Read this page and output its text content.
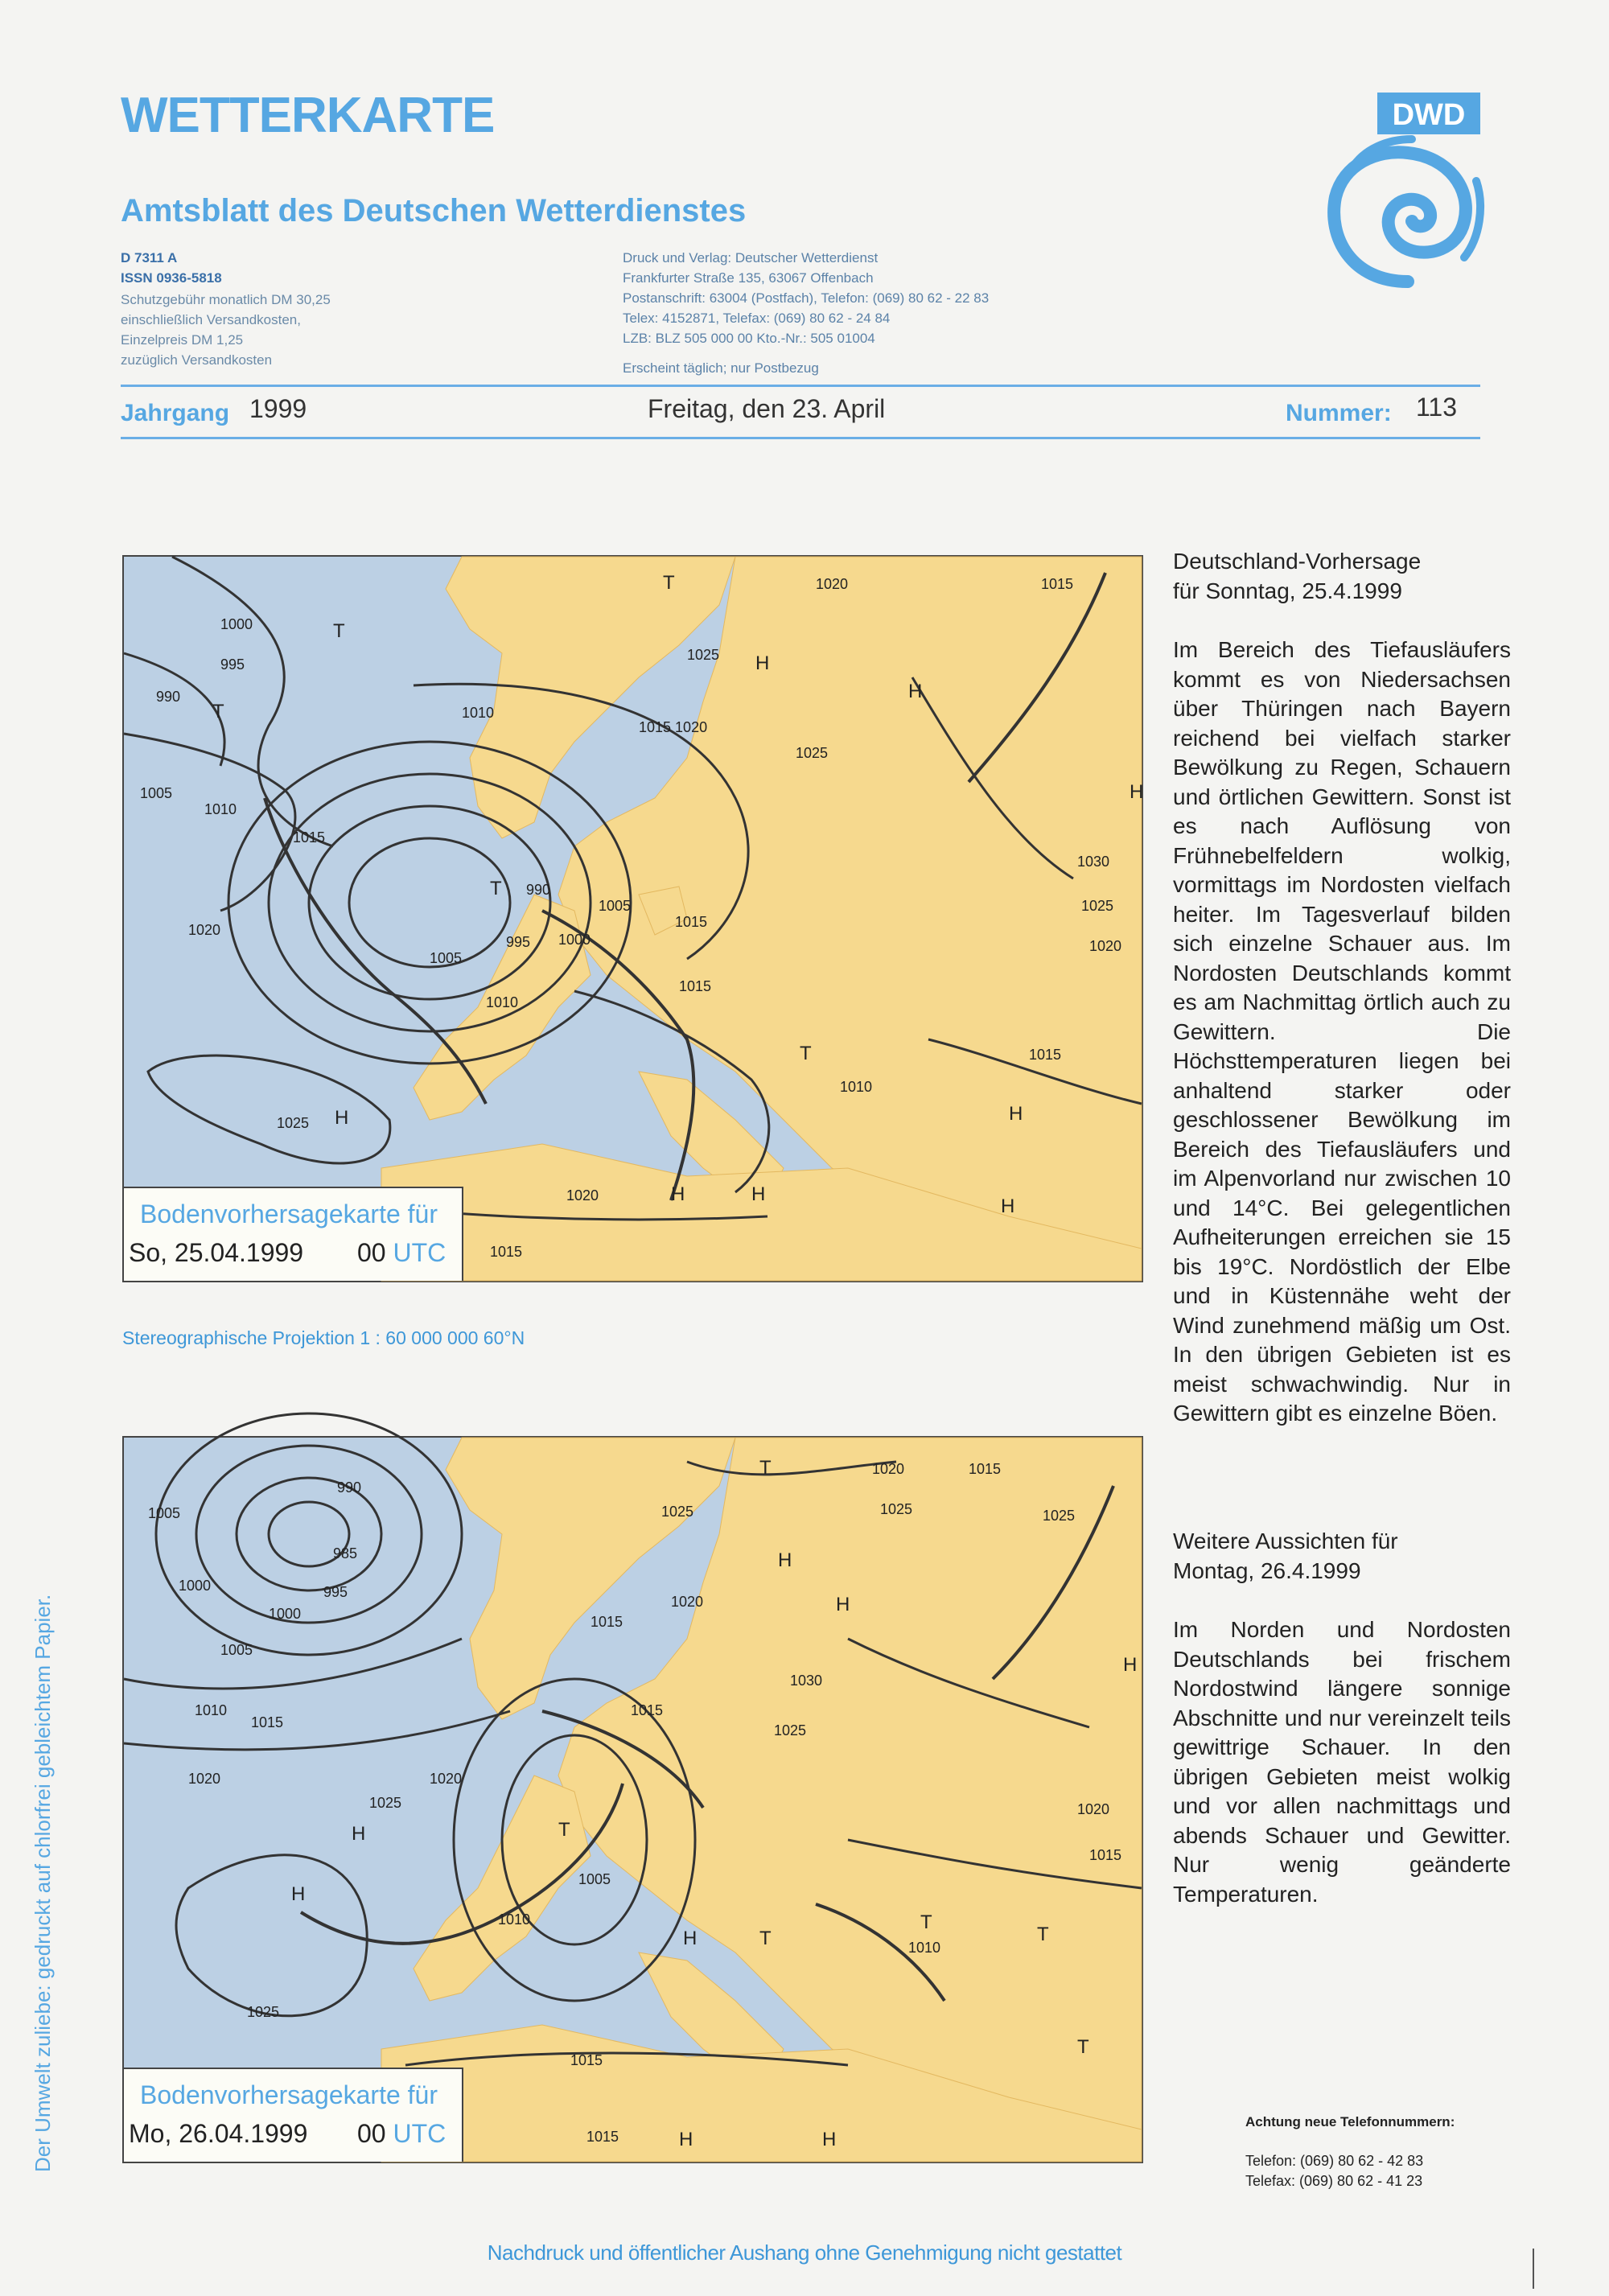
WETTERKARTE
Amtsblatt des Deutschen Wetterdienstes
DWD
D 7311 A
ISSN 0936-5818
Schutzgebühr monatlich DM 30,25
einschließlich Versandkosten,
Einzelpreis DM 1,25
zuzüglich Versandkosten
Druck und Verlag: Deutscher Wetterdienst
Frankfurter Straße 135, 63067 Offenbach
Postanschrift: 63004 (Postfach), Telefon: (069) 80 62 - 22 83
Telex: 4152871, Telefax: (069) 80 62 - 24 84
LZB: BLZ 505 000 00 Kto.-Nr.: 505 01004
Erscheint täglich; nur Postbezug
Jahrgang 1999	Freitag, den 23. April	Nummer: 113
1000
995
990
1005
1010
1015
1020
1025
1010
1015 1020
1025
1020	1015
990
995 1000
1005
1005
1010
1015
1025
1010
1015
1030
1025
1020
1015
1020
1015
T
T
T
T
H
H
H
H	H
H	H
H
T
Bodenvorhersagekarte für
So, 25.04.1999 00 UTC
Stereographische Projektion 1 : 60 000 000 60°N
1005
990
985
995
1000
1000
1005
1010
1015
1020
1025
1020
1015
1020
1025
1030
1025
1015
1020
1025
1005
1010
1010
1025
1015
1015
1020
1015
1025
1015
T
H
H
H
T
H
H
T
T
H
H	H
T
T
Bodenvorhersagekarte für
Mo, 26.04.1999 00 UTC
Deutschland-Vorhersage
für Sonntag, 25.4.1999
Im Bereich des Tiefausläufers kommt es von Niedersachsen über Thüringen nach Bayern reichend bei vielfach starker Bewölkung zu Regen, Schauern und örtlichen Gewittern. Sonst ist es nach Auflösung von Frühnebelfeldern wolkig, vormittags im Nordosten vielfach heiter. Im Tagesverlauf bilden sich einzelne Schauer aus. Im Nordosten Deutschlands kommt es am Nachmittag örtlich auch zu Gewittern. Die Höchsttemperaturen liegen bei anhaltend starker oder geschlossener Bewölkung im Bereich des Tiefausläufers und im Alpenvorland nur zwischen 10 und 14°C. Bei gelegentlichen Aufheiterungen erreichen sie 15 bis 19°C. Nordöstlich der Elbe und in Küstennähe weht der Wind zunehmend mäßig um Ost. In den übrigen Gebieten ist es meist schwachwindig. Nur in Gewittern gibt es einzelne Böen.
Weitere Aussichten für
Montag, 26.4.1999
Im Norden und Nordosten Deutschlands bei frischem Nordostwind längere sonnige Abschnitte und nur vereinzelt teils gewittrige Schauer. In den übrigen Gebieten meist wolkig und vor allen nachmittags und abends Schauer und Gewitter. Nur wenig geänderte Temperaturen.
Achtung neue Telefonnummern:
Telefon: (069) 80 62 - 42 83
Telefax: (069) 80 62 - 41 23
Der Umwelt zuliebe: gedruckt auf chlorfrei gebleichtem Papier.
Nachdruck und öffentlicher Aushang ohne Genehmigung nicht gestattet
